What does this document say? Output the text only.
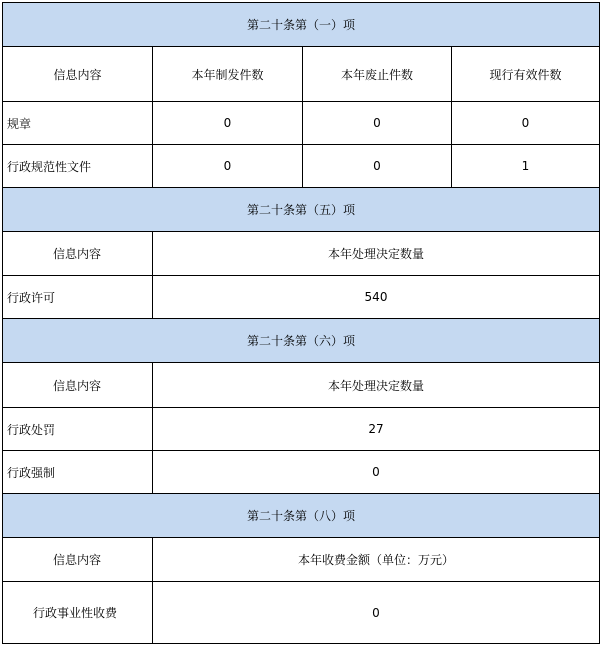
第二十条第（一）项
信息内容	本年制发件数	本年废止件数	现行有效件数
规章	0	0	0
行政规范性文件	0	0	1
第二十条第（五）项
信息内容	本年处理决定数量
行政许可	540
第二十条第（六）项
信息内容	本年处理决定数量
行政处罚	27
行政强制	0
第二十条第（八）项
信息内容	本年收费金额（单位：万元）
行政事业性收费	0
